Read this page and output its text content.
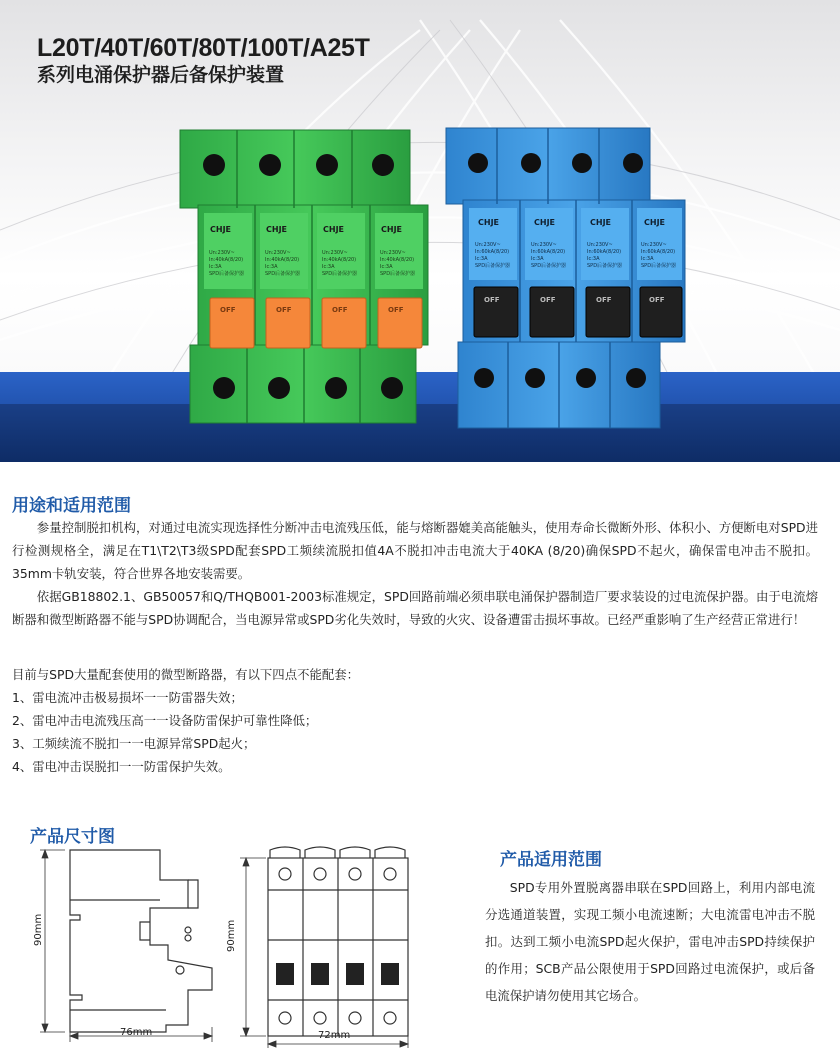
L20T/40T/60T/80T/100T/A25T
系列电涌保护器后备保护装置
CHJE	CHJE	CHJE	CHJE
Un:230V~
In:40kA(8/20)
Ic:3A
SPD后备保护器
Un:230V~
In:40kA(8/20)
Ic:3A
SPD后备保护器
Un:230V~
In:40kA(8/20)
Ic:3A
SPD后备保护器
Un:230V~
In:40kA(8/20)
Ic:3A
SPD后备保护器
OFF	OFF	OFF	OFF
CHJE	CHJE	CHJE	CHJE
Un:230V~
In:60kA(8/20)
Ic:3A
SPD后备保护器
Un:230V~
In:60kA(8/20)
Ic:3A
SPD后备保护器
Un:230V~
In:60kA(8/20)
Ic:3A
SPD后备保护器
Un:230V~
In:60kA(8/20)
Ic:3A
SPD后备保护器
OFF	OFF	OFF	OFF
用途和适用范围

参量控制脱扣机构，对通过电流实现选择性分断冲击电流残压低，能与熔断器媲美高能触头，使用寿命长微断外形、体积小、方便断电对SPD进行检测规格全，满足在T1\T2\T3级SPD配套SPD工频续流脱扣值4A不脱扣冲击电流大于40KA (8/20)确保SPD不起火，确保雷电冲击不脱扣。35mm卡轨安装，符合世界各地安装需要。

依据GB18802.1、GB50057和Q/THQB001-2003标准规定，SPD回路前端必须串联电涌保护器制造厂要求装设的过电流保护器。由于电流熔断器和微型断路器不能与SPD协调配合，当电源异常或SPD劣化失效时，导致的火灾、设备遭雷击损坏事故。已经严重影响了生产经营正常进行！

目前与SPD大量配套使用的微型断路器，有以下四点不能配套：
1、雷电流冲击极易损坏一一防雷器失效；
2、雷电冲击电流残压高一一设备防雷保护可靠性降低；
3、工频续流不脱扣一一电源异常SPD起火；
4、雷电冲击误脱扣一一防雷保护失效。
产品尺寸图
90mm
76mm
90mm
72mm
产品适用范围

SPD专用外置脱离器串联在SPD回路上，利用内部电流分选通道装置，实现工频小电流速断；大电流雷电冲击不脱扣。达到工频小电流SPD起火保护，雷电冲击SPD持续保护的作用；SCB产品公限使用于SPD回路过电流保护，或后备电流保护请勿使用其它场合。
